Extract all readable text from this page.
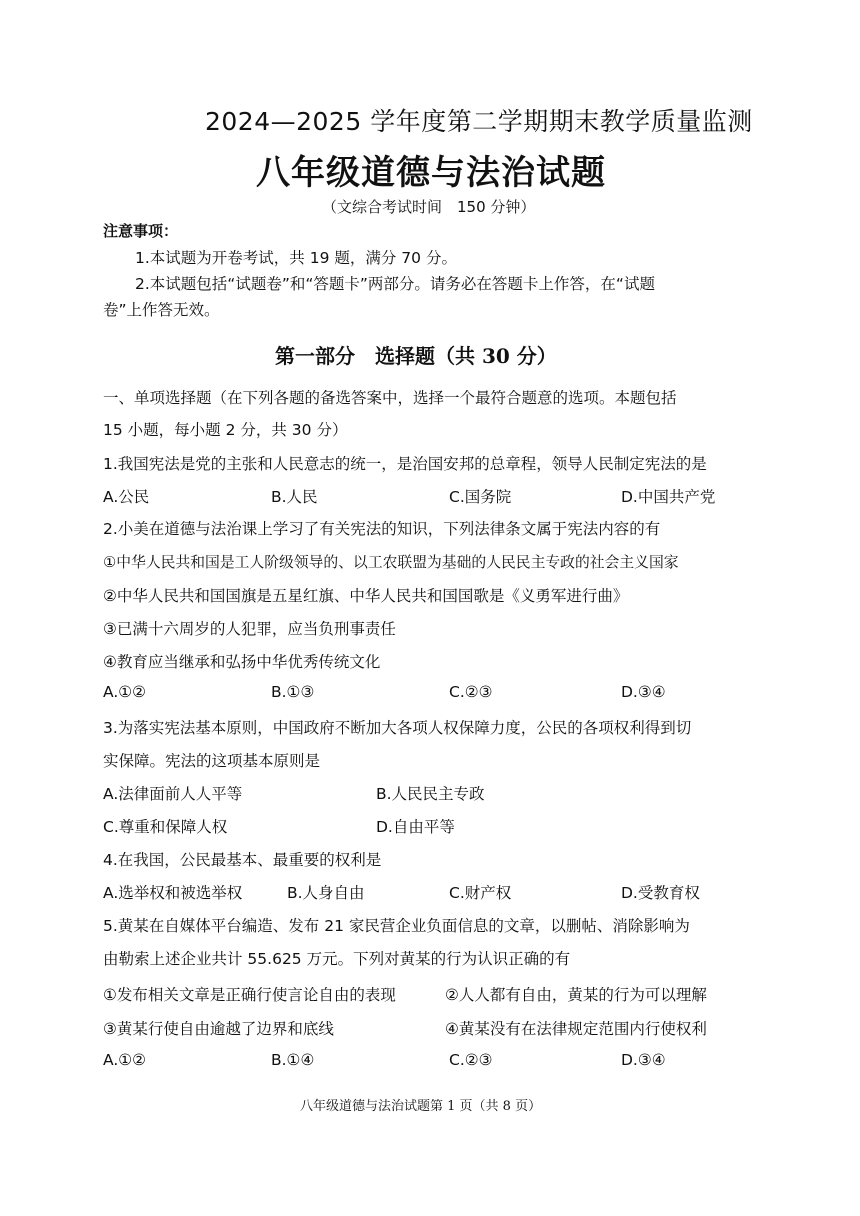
2024—2025 学年度第二学期期末教学质量监测
八年级道德与法治试题
（文综合考试时间　150 分钟）
注意事项：
1.本试题为开卷考试，共 19 题，满分 70 分。
2.本试题包括“试题卷”和“答题卡”两部分。请务必在答题卡上作答，在“试题
卷”上作答无效。
第一部分　选择题（共 30 分）
一、单项选择题（在下列各题的备选答案中，选择一个最符合题意的选项。本题包括
15 小题，每小题 2 分，共 30 分）
1.我国宪法是党的主张和人民意志的统一，是治国安邦的总章程，领导人民制定宪法的是
A.公民	B.人民	C.国务院	D.中国共产党
2.小美在道德与法治课上学习了有关宪法的知识，下列法律条文属于宪法内容的有
①中华人民共和国是工人阶级领导的、以工农联盟为基础的人民民主专政的社会主义国家
②中华人民共和国国旗是五星红旗、中华人民共和国国歌是《义勇军进行曲》
③已满十六周岁的人犯罪，应当负刑事责任
④教育应当继承和弘扬中华优秀传统文化
A.①②	B.①③	C.②③	D.③④
3.为落实宪法基本原则，中国政府不断加大各项人权保障力度，公民的各项权利得到切
实保障。宪法的这项基本原则是
A.法律面前人人平等	B.人民民主专政
C.尊重和保障人权	D.自由平等
4.在我国，公民最基本、最重要的权利是
A.选举权和被选举权	B.人身自由	C.财产权	D.受教育权
5.黄某在自媒体平台编造、发布 21 家民营企业负面信息的文章，以删帖、消除影响为
由勒索上述企业共计 55.625 万元。下列对黄某的行为认识正确的有
①发布相关文章是正确行使言论自由的表现	②人人都有自由，黄某的行为可以理解
③黄某行使自由逾越了边界和底线	④黄某没有在法律规定范围内行使权利
A.①②	B.①④	C.②③	D.③④
八年级道德与法治试题第 1 页（共 8 页）
